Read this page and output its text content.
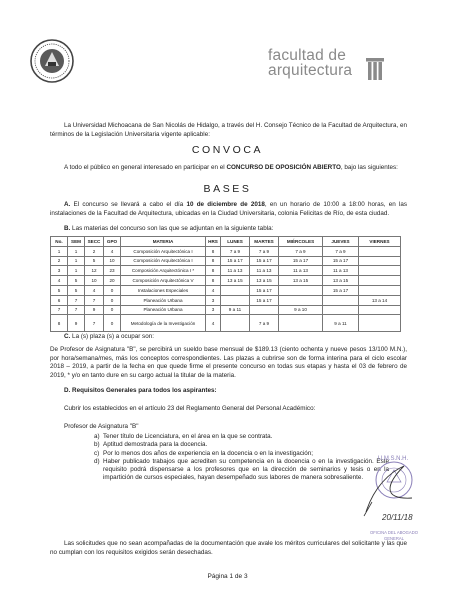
facultad de
arquitectura

La Universidad Michoacana de San Nicolás de Hidalgo, a través del H. Consejo Técnico de la Facultad de Arquitectura, en términos de la Legislación Universitaria vigente aplicable:

CONVOCA

A todo el público en general interesado en participar en el CONCURSO DE OPOSICIÓN ABIERTO, bajo las siguientes:

BASES

A. El concurso se llevará a cabo el día 10 de diciembre de 2018, en un horario de 10:00 a 18:00 horas, en las instalaciones de la Facultad de Arquitectura, ubicadas en la Ciudad Universitaria, colonia Felicitas de Río, de esta ciudad.

B. Las materias del concurso son las que se adjuntan en la siguiente tabla:

No.	SEM	SECC	GPO	MATERIA	HRS	LUNES	MARTES	MIÉRCOLES	JUEVES	VIERNES
1	1	2	4	Composición Arquitectónica I	8	7 a 9	7 a 9	7 a 9	7 a 9	
2	1	5	10	Composición Arquitectónica I	8	15 a 17	15 a 17	15 a 17	15 a 17	
3	1	12	23	Composición Arquitectónica I *	8	11 a 13	11 a 13	11 a 13	11 a 13	
4	5	10	20	Composición Arquitectónica V	8	13 a 15	13 a 15	13 a 15	13 a 15	
5	5	4	0	Instalaciones Especiales	4		15 a 17		15 a 17	
6	7	7	0	Planeación Urbana	3		15 a 17			13 a 14
7	7	9	0	Planeación Urbana	3	9 a 11		9 a 10		
8	9	7	0	Metodología de la Investigación	4		7 a 9		9 a 11	

C. La (s) plaza (s) a ocupar son:

De Profesor de Asignatura "B", se percibirá un sueldo base mensual de $189.13 (ciento ochenta y nueve pesos 13/100 M.N.), por hora/semana/mes, más los conceptos correspondientes. Las plazas a cubrirse son de forma interina para el ciclo escolar 2018 – 2019, a partir de la fecha en que quede firme el presente concurso en todas sus etapas y hasta el 03 de febrero de 2019, * y/o en tanto dure en su cargo actual la titular de la materia.

D. Requisitos Generales para todos los aspirantes:

Cubrir los establecidos en el artículo 23 del Reglamento General del Personal Académico:

Profesor de Asignatura "B"

a) Tener título de Licenciatura, en el área en la que se contrata.
b) Aptitud demostrada para la docencia.
c) Por lo menos dos años de experiencia en la docencia o en la investigación;
d) Haber publicado trabajos que acrediten su competencia en la docencia o en la investigación. Este requisito podrá dispensarse a los profesores que en la dirección de seminarios y tesis o en la impartición de cursos especiales, hayan desempeñado sus labores de manera sobresaliente.

Las solicitudes que no sean acompañadas de la documentación que avale los méritos curriculares del solicitante y las que no cumplan con los requisitos exigidos serán desechadas.

U.M.S.N.H.
20/11/18
OFICINA DEL ABOGADO
GENERAL
Página 1 de 3
